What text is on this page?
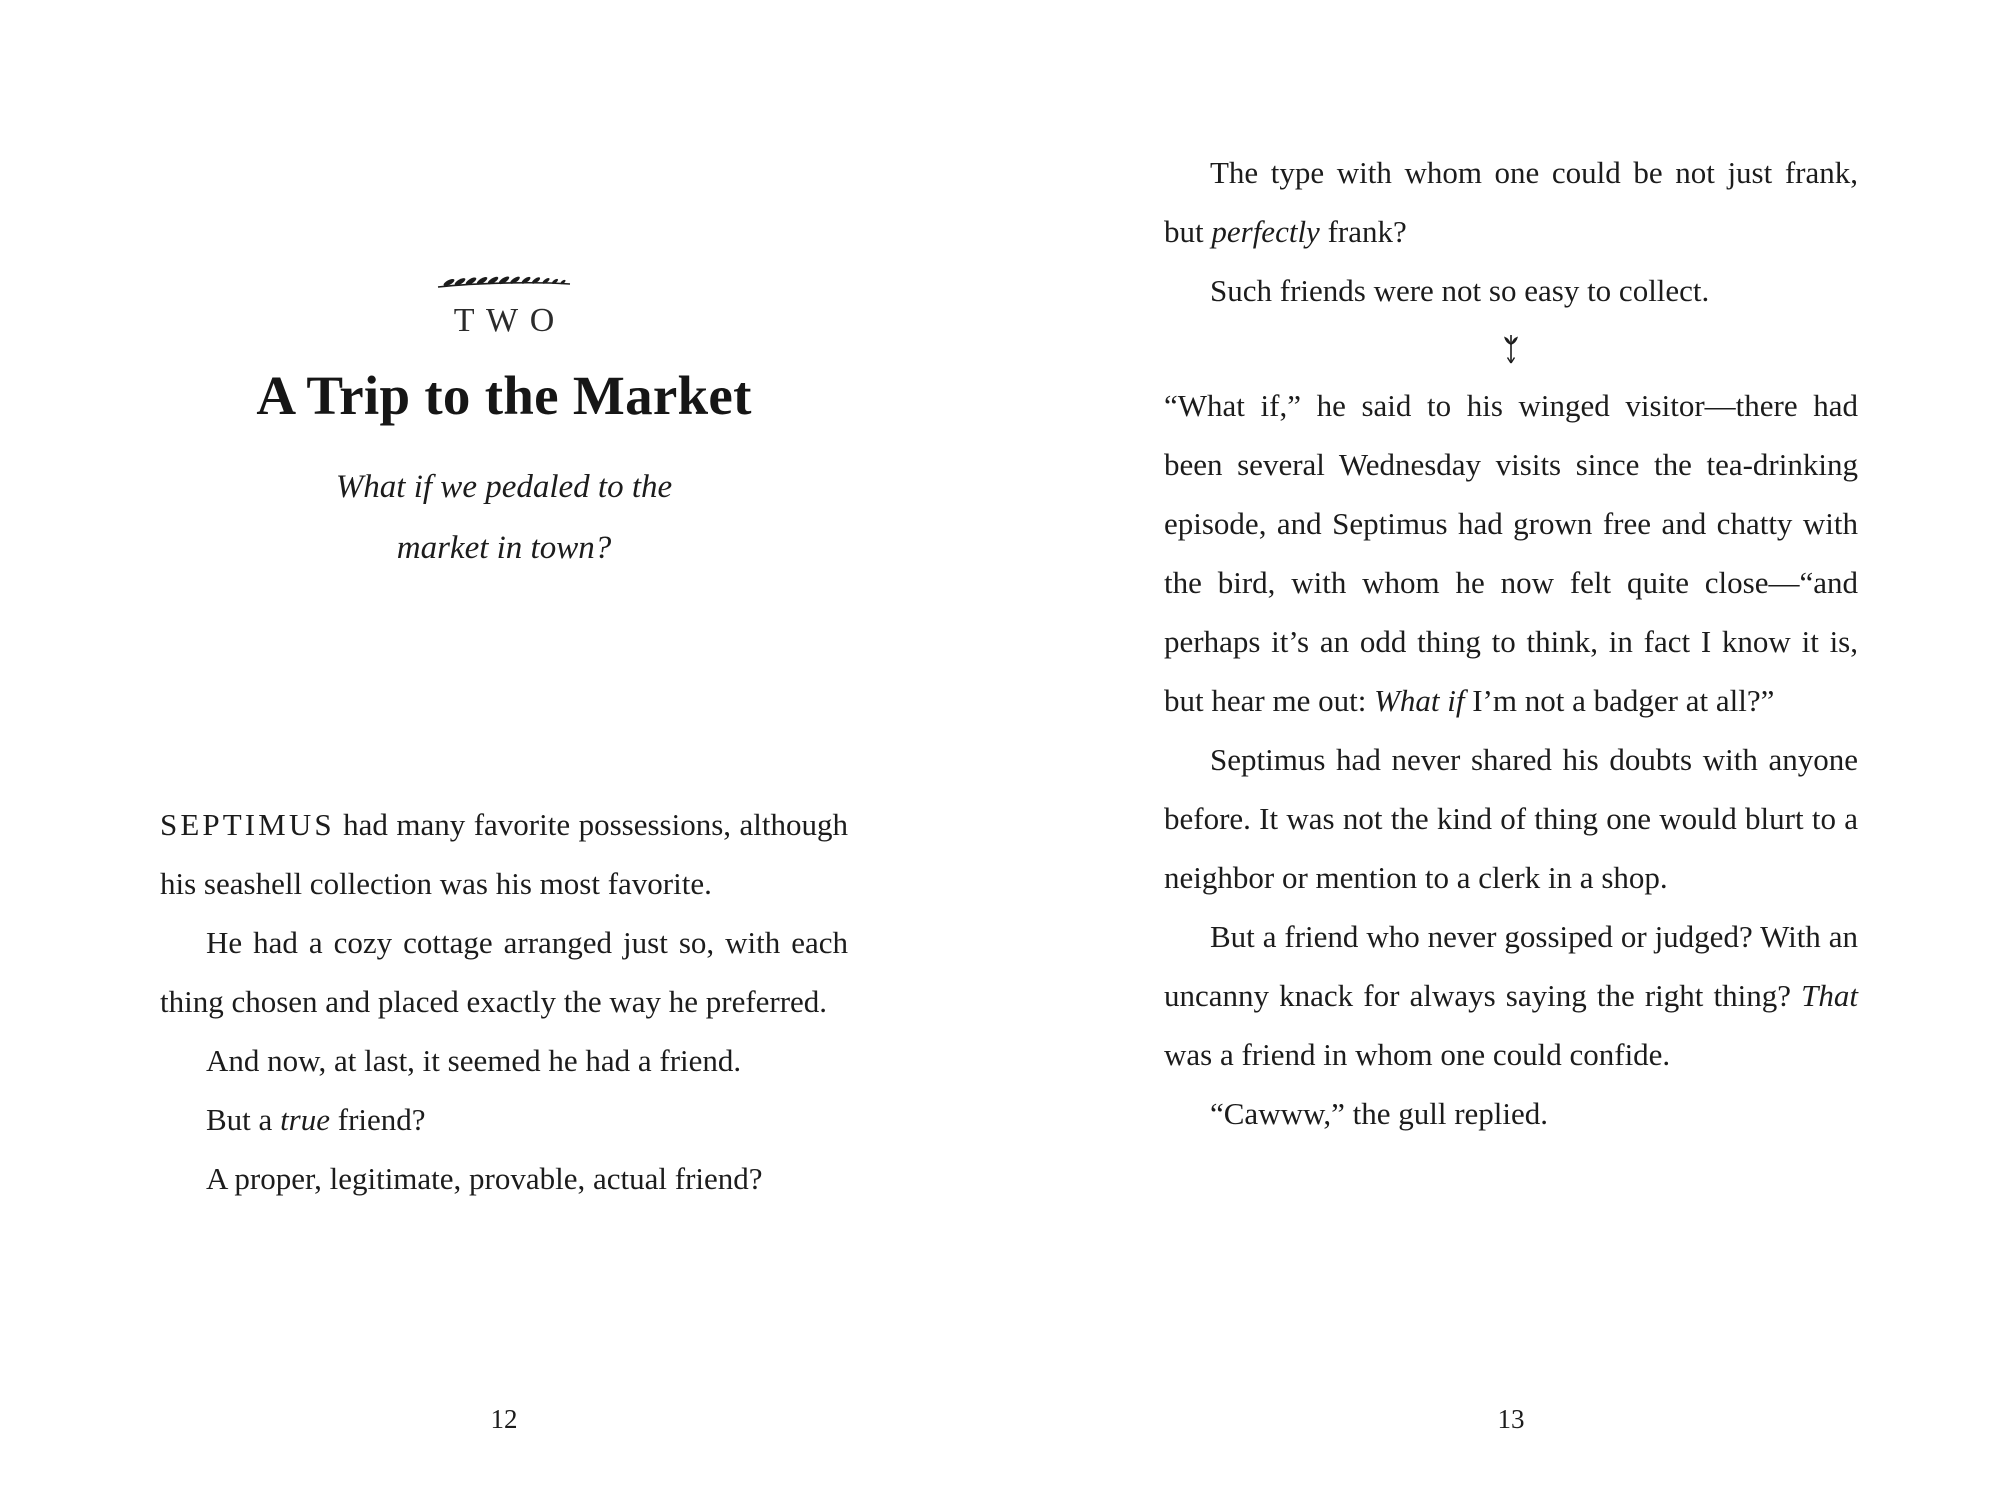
TWO
A Trip to the Market
What if we pedaled to the
market in town?

SEPTIMUS had many favorite possessions, although his seashell collection was his most favorite.

He had a cozy cottage arranged just so, with each thing chosen and placed exactly the way he preferred.

And now, at last, it seemed he had a friend.

But a true friend?

A proper, legitimate, provable, actual friend?

12

The type with whom one could be not just frank, but perfectly frank?

Such friends were not so easy to collect.

“What if,” he said to his winged visitor—there had been several Wednesday visits since the tea-drinking episode, and Septimus had grown free and chatty with the bird, with whom he now felt quite close—“and perhaps it’s an odd thing to think, in fact I know it is, but hear me out: What if I’m not a badger at all?”

Septimus had never shared his doubts with anyone before. It was not the kind of thing one would blurt to a neighbor or mention to a clerk in a shop.

But a friend who never gossiped or judged? With an uncanny knack for always saying the right thing? That was a friend in whom one could confide.

“Cawww,” the gull replied.

13
